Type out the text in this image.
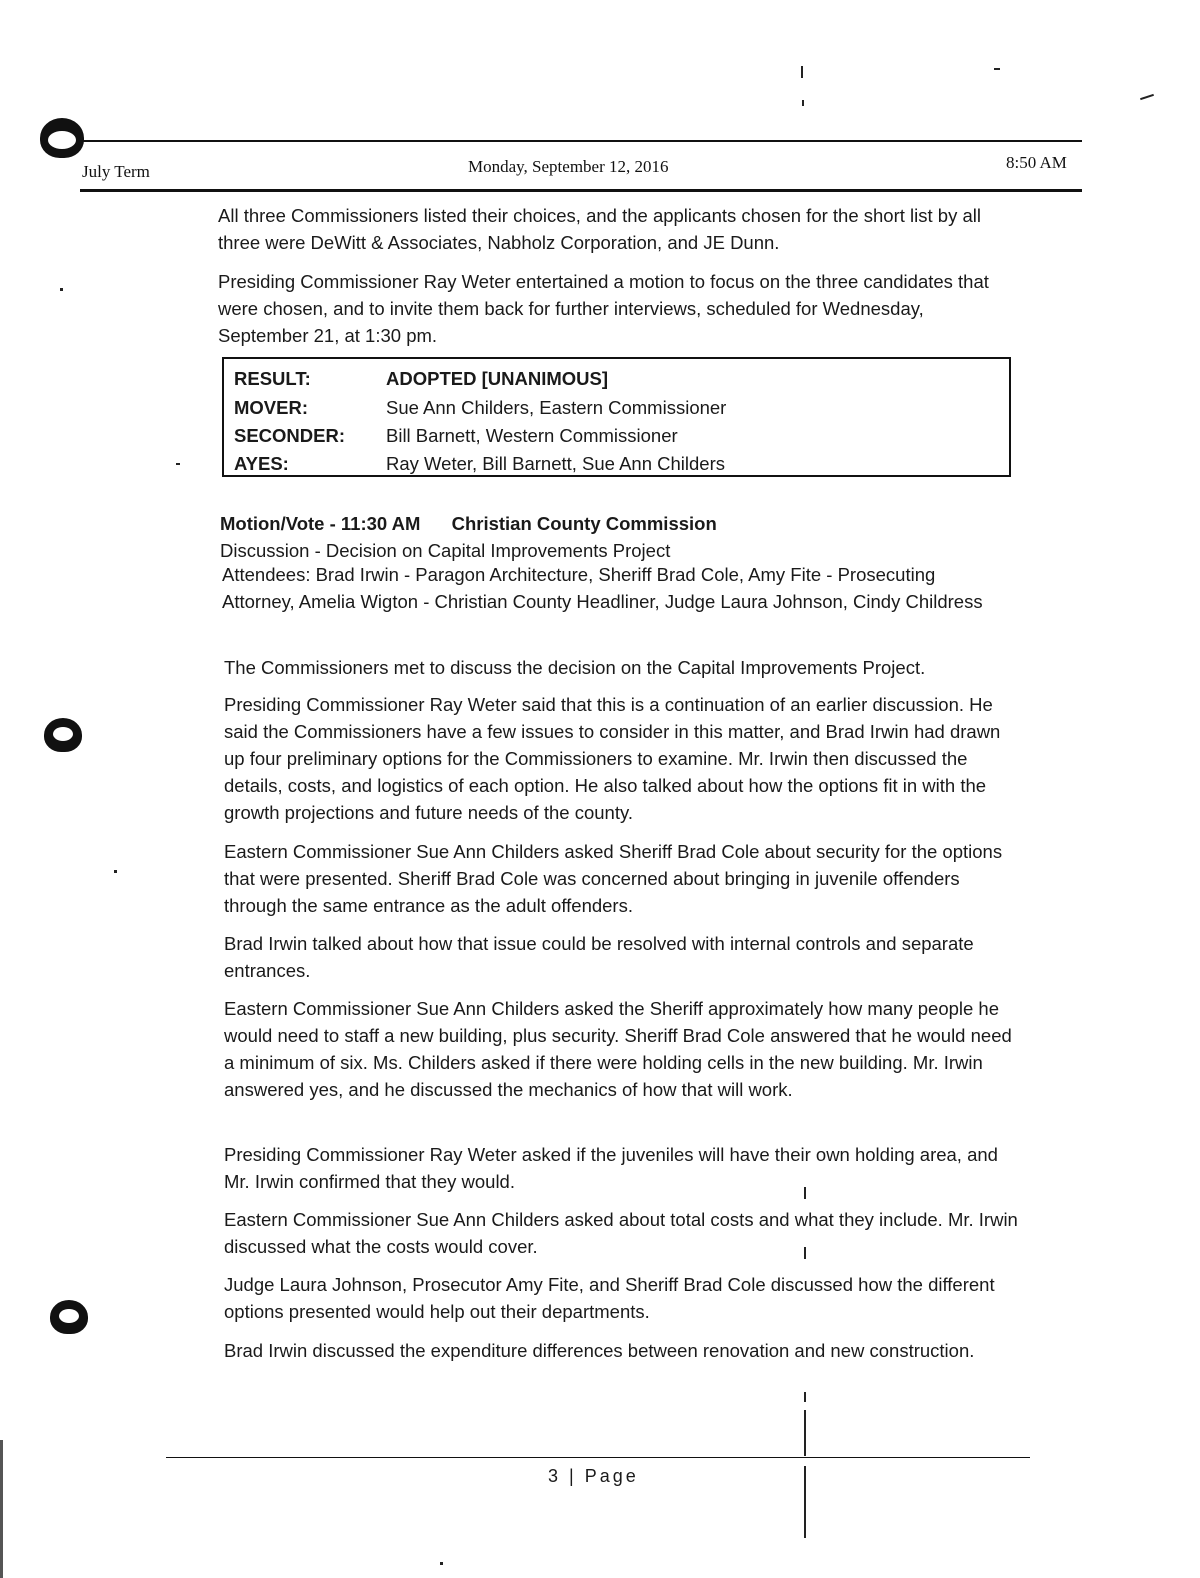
July Term	Monday, September 12, 2016	8:50 AM

All three Commissioners listed their choices, and the applicants chosen for the short list by all three were DeWitt & Associates, Nabholz Corporation, and JE Dunn.

Presiding Commissioner Ray Weter entertained a motion to focus on the three candidates that were chosen, and to invite them back for further interviews, scheduled for Wednesday, September 21, at 1:30 pm.

RESULT:	ADOPTED [UNANIMOUS]
MOVER:	Sue Ann Childers, Eastern Commissioner
SECONDER: Bill Barnett, Western Commissioner
AYES:	Ray Weter, Bill Barnett, Sue Ann Childers
Motion/Vote - 11:30 AM Christian County Commission
Discussion - Decision on Capital Improvements Project

Attendees: Brad Irwin - Paragon Architecture, Sheriff Brad Cole, Amy Fite - Prosecuting Attorney, Amelia Wigton - Christian County Headliner, Judge Laura Johnson, Cindy Childress

The Commissioners met to discuss the decision on the Capital Improvements Project.

Presiding Commissioner Ray Weter said that this is a continuation of an earlier discussion. He said the Commissioners have a few issues to consider in this matter, and Brad Irwin had drawn up four preliminary options for the Commissioners to examine. Mr. Irwin then discussed the details, costs, and logistics of each option. He also talked about how the options fit in with the growth projections and future needs of the county.

Eastern Commissioner Sue Ann Childers asked Sheriff Brad Cole about security for the options that were presented. Sheriff Brad Cole was concerned about bringing in juvenile offenders through the same entrance as the adult offenders.

Brad Irwin talked about how that issue could be resolved with internal controls and separate entrances.

Eastern Commissioner Sue Ann Childers asked the Sheriff approximately how many people he would need to staff a new building, plus security. Sheriff Brad Cole answered that he would need a minimum of six. Ms. Childers asked if there were holding cells in the new building. Mr. Irwin answered yes, and he discussed the mechanics of how that will work.

Presiding Commissioner Ray Weter asked if the juveniles will have their own holding area, and Mr. Irwin confirmed that they would.

Eastern Commissioner Sue Ann Childers asked about total costs and what they include. Mr. Irwin discussed what the costs would cover.

Judge Laura Johnson, Prosecutor Amy Fite, and Sheriff Brad Cole discussed how the different options presented would help out their departments.

Brad Irwin discussed the expenditure differences between renovation and new construction.

3 | Page
